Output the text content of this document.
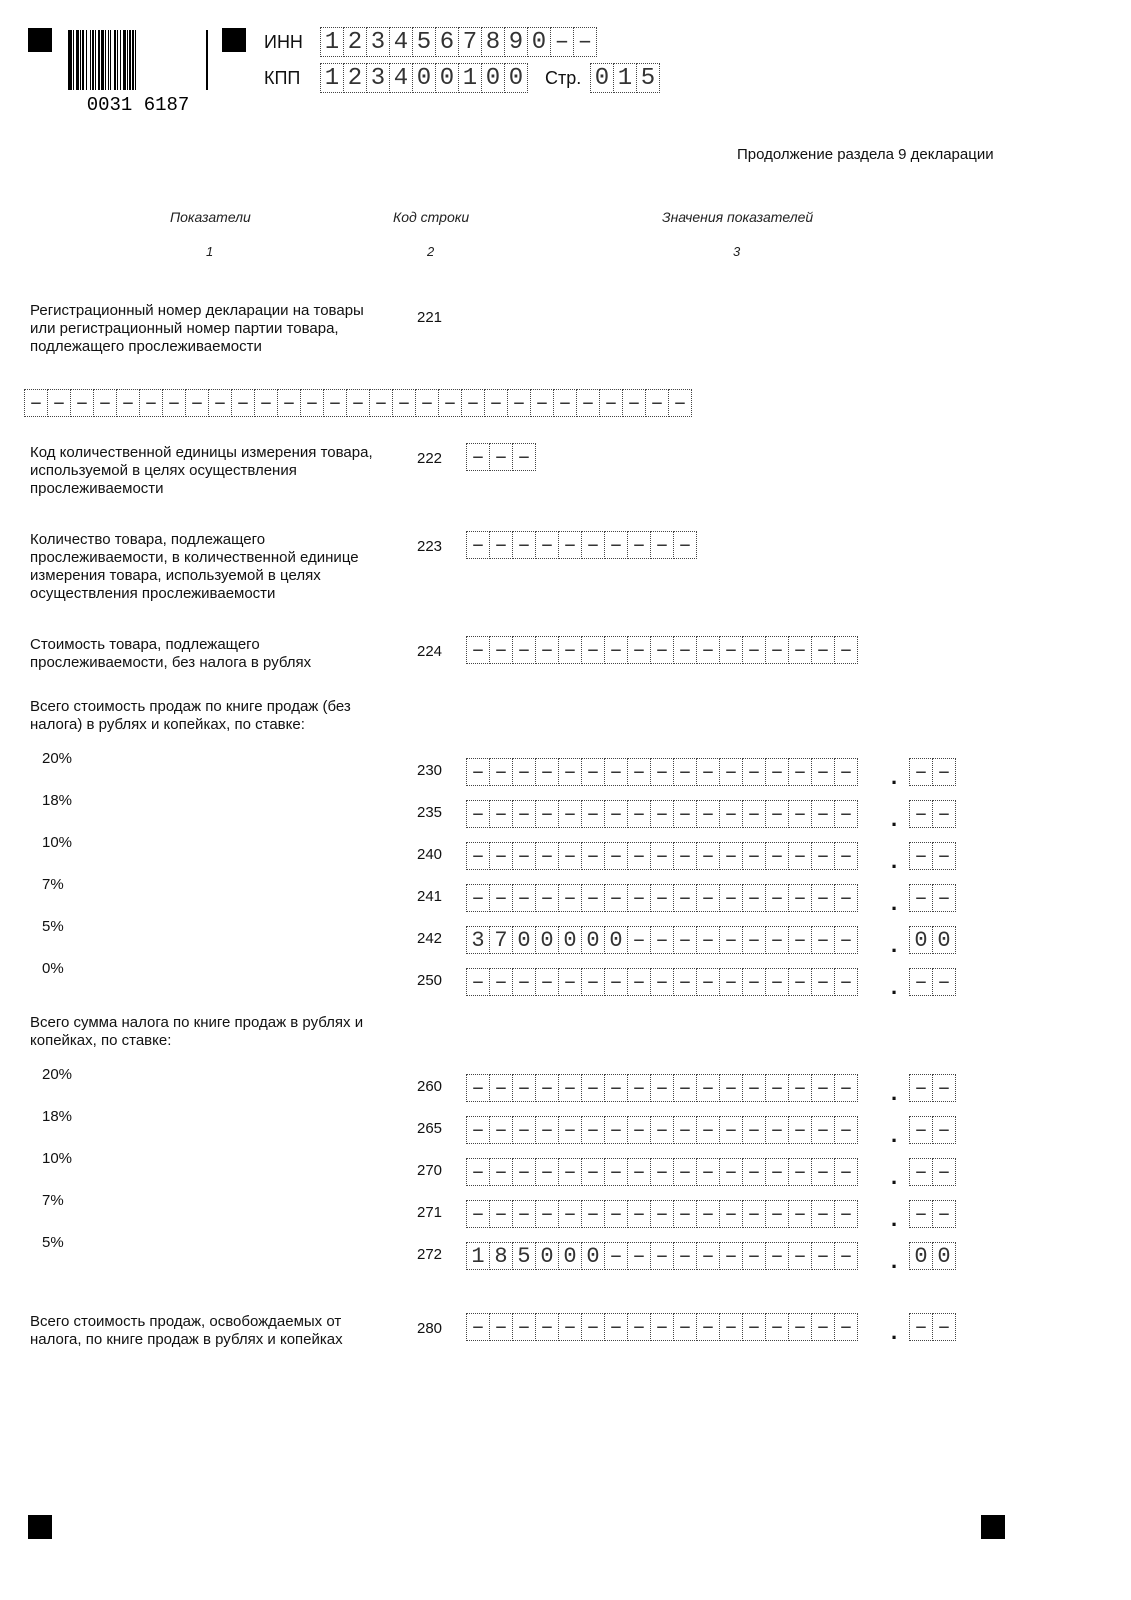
0031 6187
ИНН 1 2 3 4 5 6 7 8 9 0 – –
КПП 1 2 3 4 0 0 1 0 0 Стр. 0 1 5
Продолжение раздела 9 декларации
Показатели	Код строки	Значения показателей
1	2	3
Регистрационный номер декларации на товары или регистрационный номер партии товара, подлежащего прослеживаемости
221
– – – – – – – – – – – – – – – – – – – – – – – – – – – – –
Код количественной единицы измерения товара, используемой в целях осуществления прослеживаемости
222 – – –
Количество товара, подлежащего прослеживаемости, в количественной единице измерения товара, используемой в целях осуществления прослеживаемости
223 – – – – – – – – – –
Стоимость товара, подлежащего прослеживаемости, без налога в рублях
224 – – – – – – – – – – – – – – – – –
Всего стоимость продаж по книге продаж (без налога) в рублях и копейках, по ставке:
20%
230 – – – – – – – – – – – – – – – – – . – –
18%
235 – – – – – – – – – – – – – – – – – . – –
10%
240 – – – – – – – – – – – – – – – – – . – –
7%
241 – – – – – – – – – – – – – – – – – . – –
5%
242 3 7 0 0 0 0 0 – – – – – – – – – – . 0 0
0%
250 – – – – – – – – – – – – – – – – – . – –
Всего сумма налога по книге продаж в рублях и копейках, по ставке:
20%
260 – – – – – – – – – – – – – – – – – . – –
18%
265 – – – – – – – – – – – – – – – – – . – –
10%
270 – – – – – – – – – – – – – – – – – . – –
7%
271 – – – – – – – – – – – – – – – – – . – –
5%
272 1 8 5 0 0 0 – – – – – – – – – – – . 0 0
Всего стоимость продаж, освобождаемых от налога, по книге продаж в рублях и копейках
280 – – – – – – – – – – – – – – – – – . – –
